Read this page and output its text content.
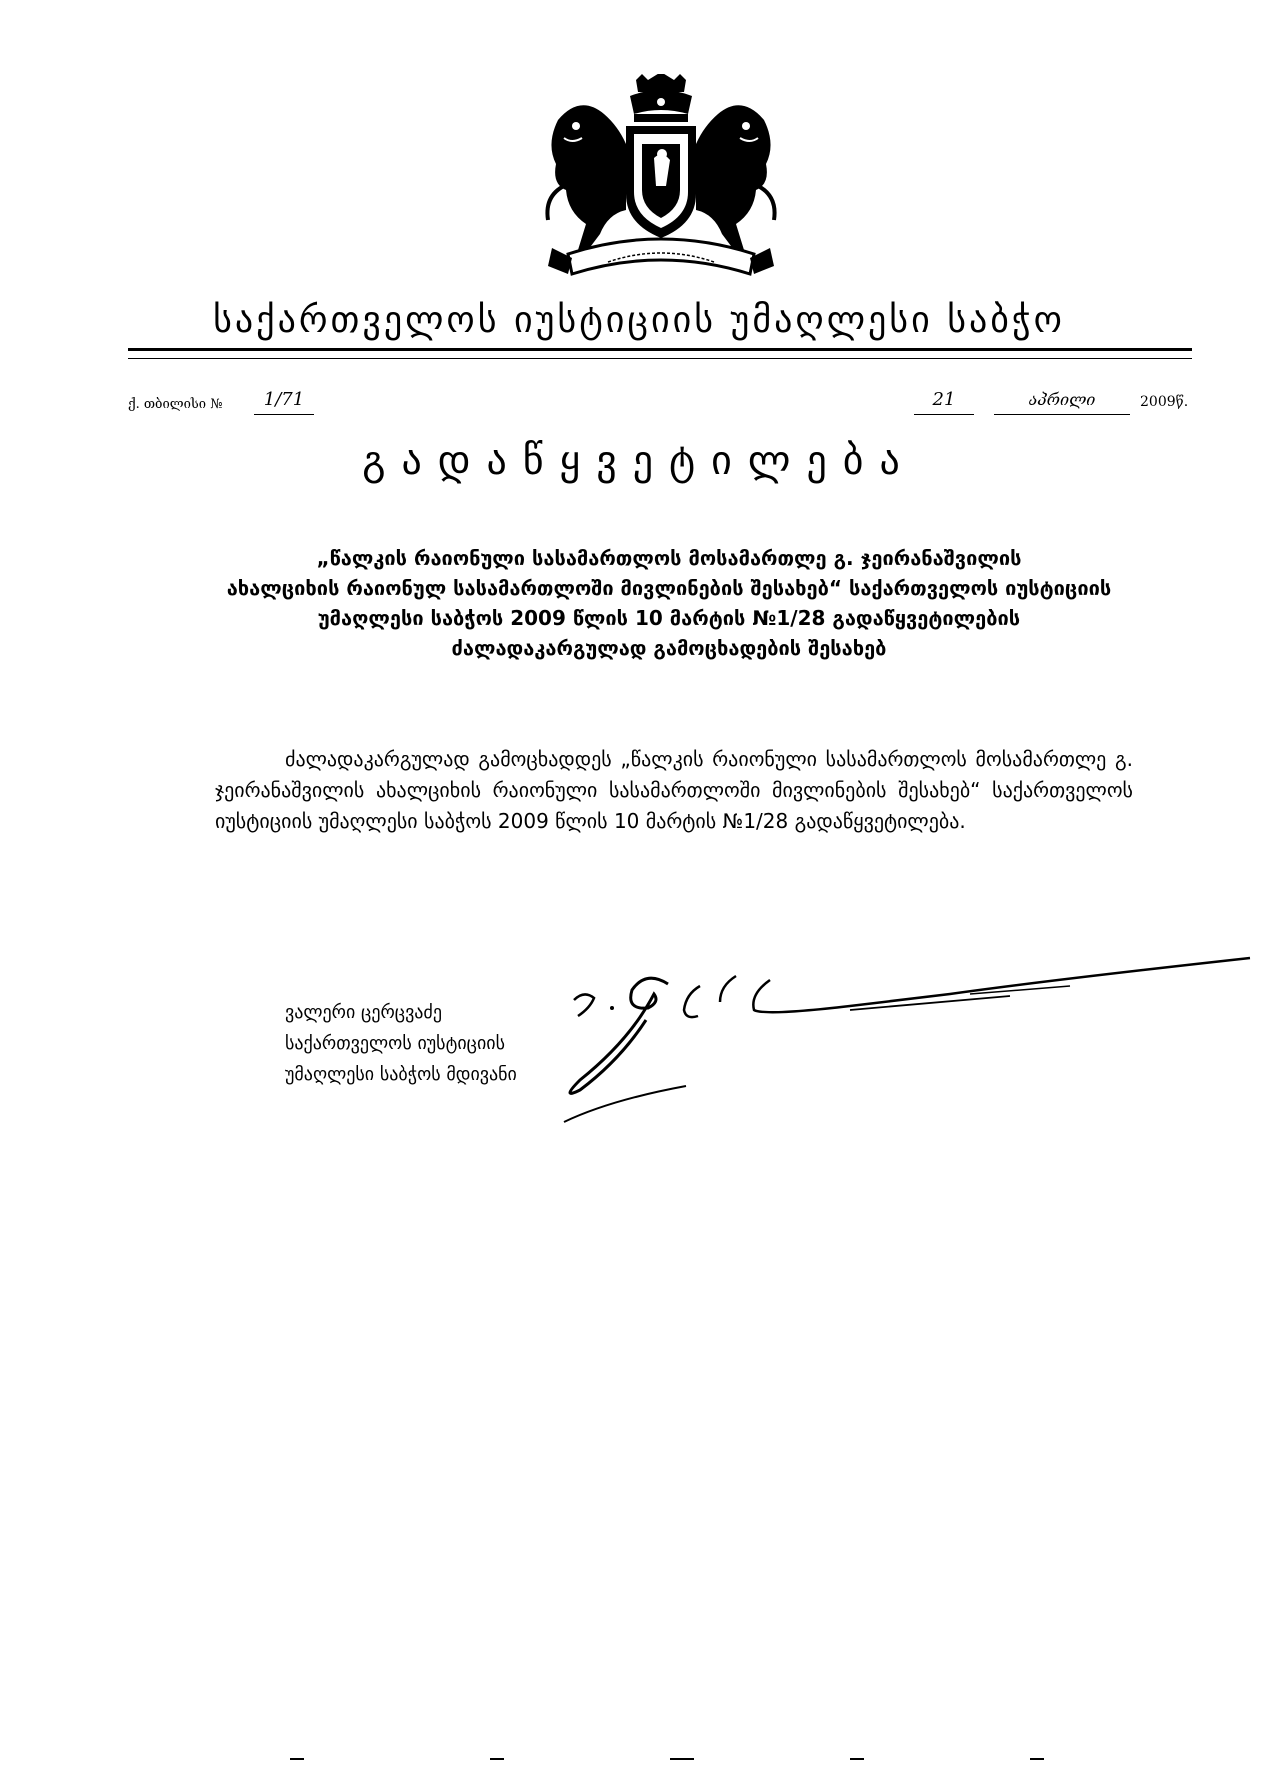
საქართველოს იუსტიციის უმაღლესი საბჭო
ქ. თბილისი №	1/71	21	აპრილი	2009წ.
გადაწყვეტილება
„წალკის რაიონული სასამართლოს მოსამართლე გ. ჯეირანაშვილის
ახალციხის რაიონულ სასამართლოში მივლინების შესახებ“ საქართველოს იუსტიციის
უმაღლესი საბჭოს 2009 წლის 10 მარტის №1/28 გადაწყვეტილების
ძალადაკარგულად გამოცხადების შესახებ
ძალადაკარგულად გამოცხადდეს „წალკის რაიონული სასამართლოს მოსამართლე გ. ჯეირანაშვილის ახალციხის რაიონული სასამართლოში მივლინების შესახებ“ საქართველოს იუსტიციის უმაღლესი საბჭოს 2009 წლის 10 მარტის №1/28 გადაწყვეტილება.
ვალერი ცერცვაძე
საქართველოს იუსტიციის
უმაღლესი საბჭოს მდივანი
